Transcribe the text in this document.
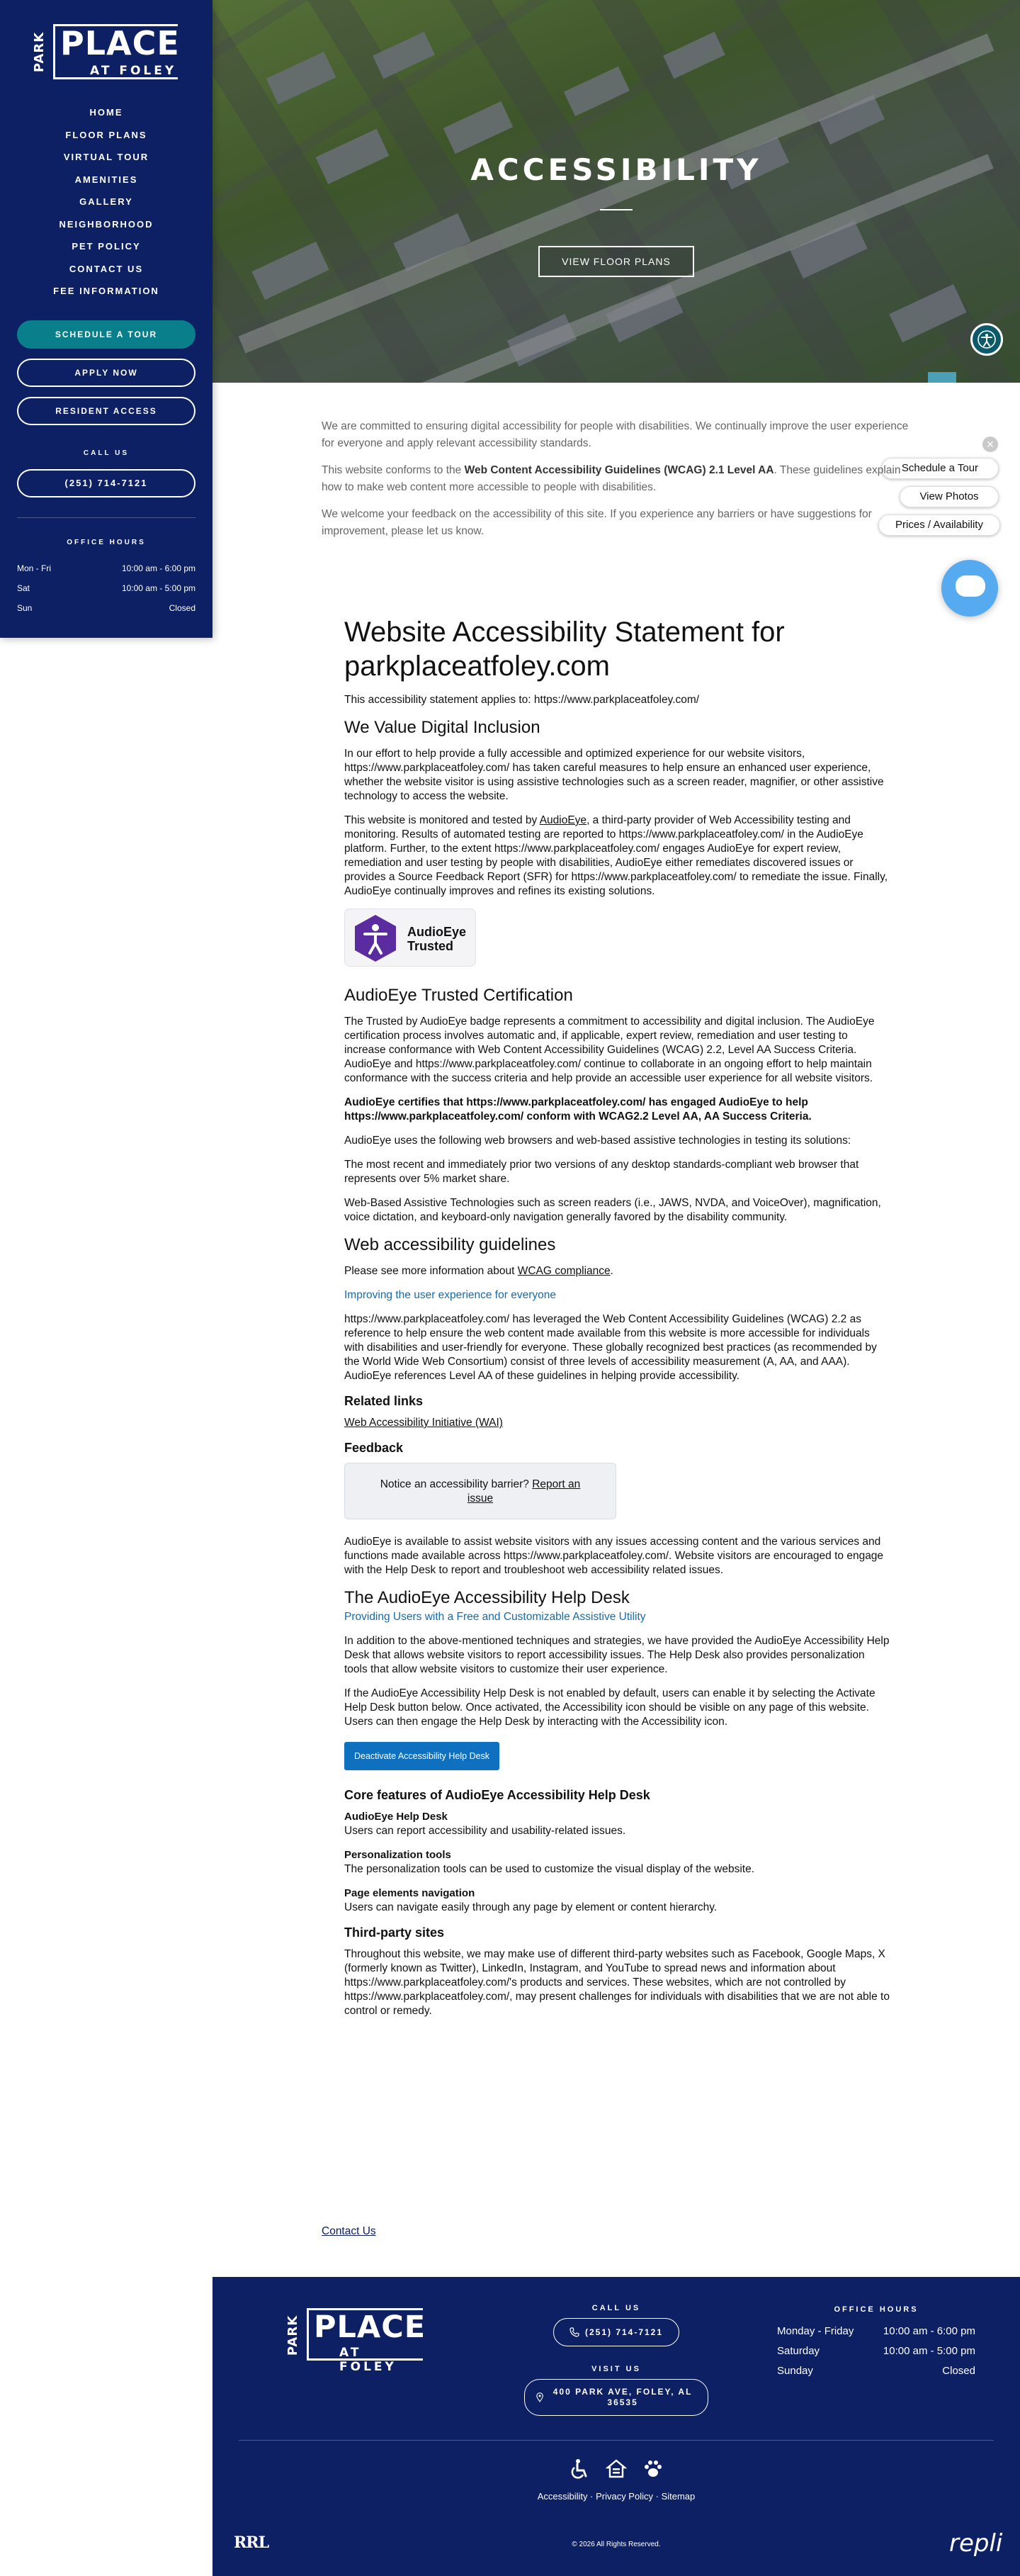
PARK PLACE
AT FOLEY
HOME
FLOOR PLANS
VIRTUAL TOUR
AMENITIES
GALLERY
NEIGHBORHOOD
PET POLICY
CONTACT US
FEE INFORMATION
SCHEDULE A TOUR
APPLY NOW
RESIDENT ACCESS
CALL US
(251) 714-7121
OFFICE HOURS
Mon - Fri	10:00 am - 6:00 pm
Sat	10:00 am - 5:00 pm
Sun	Closed
ACCESSIBILITY
VIEW FLOOR PLANS
✕
Schedule a Tour
View Photos
Prices / Availability

We are committed to ensuring digital accessibility for people with disabilities. We continually improve the user experience for everyone and apply relevant accessibility standards.

This website conforms to the Web Content Accessibility Guidelines (WCAG) 2.1 Level AA. These guidelines explain how to make web content more accessible to people with disabilities.

We welcome your feedback on the accessibility of this site. If you experience any barriers or have suggestions for improvement, please let us know.

Website Accessibility Statement for parkplaceatfoley.com

This accessibility statement applies to: https://www.parkplaceatfoley.com/

We Value Digital Inclusion

In our effort to help provide a fully accessible and optimized experience for our website visitors, https://www.parkplaceatfoley.com/ has taken careful measures to help ensure an enhanced user experience, whether the website visitor is using assistive technologies such as a screen reader, magnifier, or other assistive technology to access the website.

This website is monitored and tested by AudioEye, a third-party provider of Web Accessibility testing and monitoring. Results of automated testing are reported to https://www.parkplaceatfoley.com/ in the AudioEye platform. Further, to the extent https://www.parkplaceatfoley.com/ engages AudioEye for expert review, remediation and user testing by people with disabilities, AudioEye either remediates discovered issues or provides a Source Feedback Report (SFR) for https://www.parkplaceatfoley.com/ to remediate the issue. Finally, AudioEye continually improves and refines its existing solutions.

AudioEye
Trusted
AudioEye Trusted Certification

The Trusted by AudioEye badge represents a commitment to accessibility and digital inclusion. The AudioEye certification process involves automatic and, if applicable, expert review, remediation and user testing to increase conformance with Web Content Accessibility Guidelines (WCAG) 2.2, Level AA Success Criteria. AudioEye and https://www.parkplaceatfoley.com/ continue to collaborate in an ongoing effort to help maintain conformance with the success criteria and help provide an accessible user experience for all website visitors.

AudioEye certifies that https://www.parkplaceatfoley.com/ has engaged AudioEye to help https://www.parkplaceatfoley.com/ conform with WCAG2.2 Level AA, AA Success Criteria.

AudioEye uses the following web browsers and web-based assistive technologies in testing its solutions:

The most recent and immediately prior two versions of any desktop standards-compliant web browser that represents over 5% market share.

Web-Based Assistive Technologies such as screen readers (i.e., JAWS, NVDA, and VoiceOver), magnification, voice dictation, and keyboard-only navigation generally favored by the disability community.

Web accessibility guidelines

Please see more information about WCAG compliance.

Improving the user experience for everyone

https://www.parkplaceatfoley.com/ has leveraged the Web Content Accessibility Guidelines (WCAG) 2.2 as reference to help ensure the web content made available from this website is more accessible for individuals with disabilities and user-friendly for everyone. These globally recognized best practices (as recommended by the World Wide Web Consortium) consist of three levels of accessibility measurement (A, AA, and AAA). AudioEye references Level AA of these guidelines in helping provide accessibility.

Related links

Web Accessibility Initiative (WAI)

Feedback
Notice an accessibility barrier? Report an issue

AudioEye is available to assist website visitors with any issues accessing content and the various services and functions made available across https://www.parkplaceatfoley.com/. Website visitors are encouraged to engage with the Help Desk to report and troubleshoot web accessibility related issues.

The AudioEye Accessibility Help Desk
Providing Users with a Free and Customizable Assistive Utility

In addition to the above-mentioned techniques and strategies, we have provided the AudioEye Accessibility Help Desk that allows website visitors to report accessibility issues. The Help Desk also provides personalization tools that allow website visitors to customize their user experience.

If the AudioEye Accessibility Help Desk is not enabled by default, users can enable it by selecting the Activate Help Desk button below. Once activated, the Accessibility icon should be visible on any page of this website. Users can then engage the Help Desk by interacting with the Accessibility icon.

Deactivate Accessibility Help Desk
Core features of AudioEye Accessibility Help Desk

AudioEye Help Desk
Users can report accessibility and usability-related issues.

Personalization tools
The personalization tools can be used to customize the visual display of the website.

Page elements navigation
Users can navigate easily through any page by element or content hierarchy.

Third-party sites

Throughout this website, we may make use of different third-party websites such as Facebook, Google Maps, X (formerly known as Twitter), LinkedIn, Instagram, and YouTube to spread news and information about https://www.parkplaceatfoley.com/'s products and services. These websites, which are not controlled by https://www.parkplaceatfoley.com/, may present challenges for individuals with disabilities that we are not able to control or remedy.

Contact Us
PARK PLACE
AT FOLEY
CALL US
(251) 714-7121
VISIT US
400 PARK AVE, FOLEY, AL 36535
OFFICE HOURS
Monday - Friday	10:00 am - 6:00 pm
Saturday	10:00 am - 5:00 pm
Sunday	Closed
Accessibility · Privacy Policy · Sitemap
RRL	© 2026 All Rights Reserved.	repli
